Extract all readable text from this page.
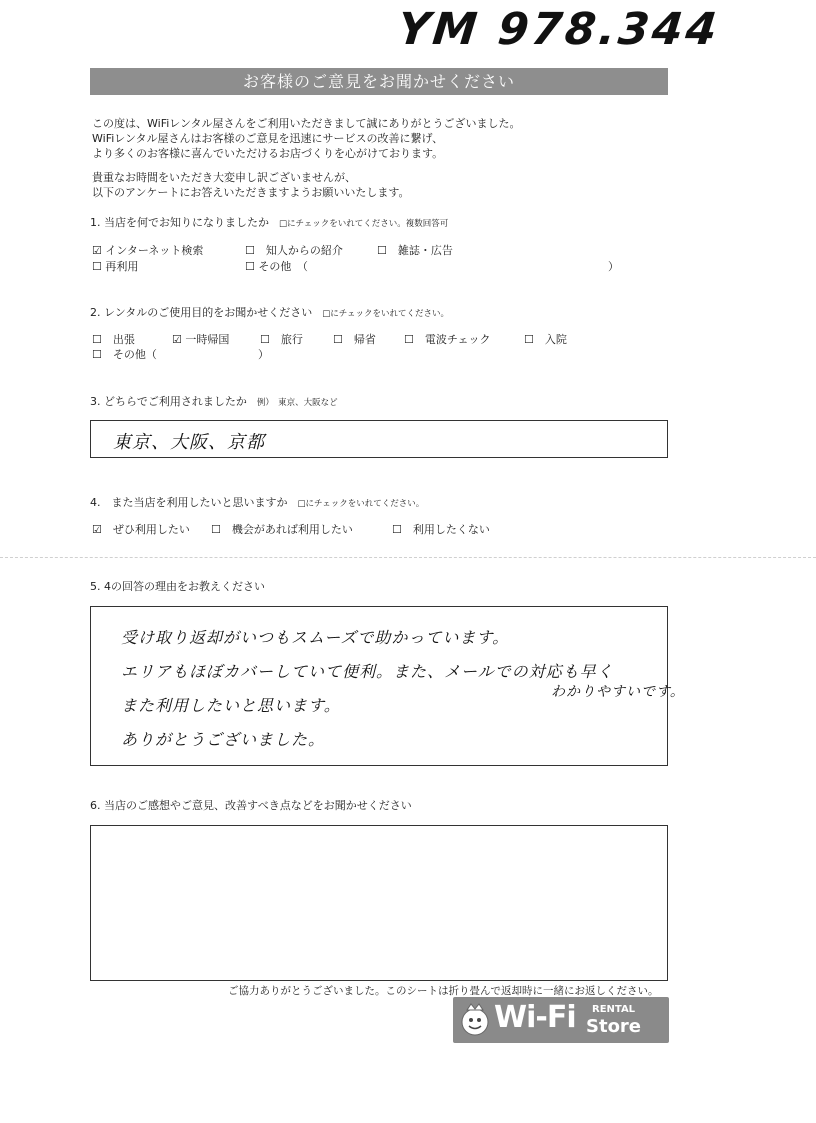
YM 978.344
お客様のご意見をお聞かせください
この度は、WiFiレンタル屋さんをご利用いただきまして誠にありがとうございました。
WiFiレンタル屋さんはお客様のご意見を迅速にサービスの改善に繋げ、
より多くのお客様に喜んでいただけるお店づくりを心がけております。
貴重なお時間をいただき大変申し訳ございませんが、
以下のアンケートにお答えいただきますようお願いいたします。
1. 当店を何でお知りになりましたか □にチェックをいれてください。複数回答可
☑ インターネット検索	☐　 知人からの紹介	☐　 雑誌・広告
☐ 再利用	☐ その他　 （	）
2. レンタルのご使用目的をお聞かせください □にチェックをいれてください。
☐　 出張	☑ 一時帰国	☐　 旅行	☐　 帰省	☐　 電波チェック	☐　 入院
☐　 その他（	）
3. どちらでご利用されましたか 例）　東京、大阪など
東京、大阪、京都
4.　また当店を利用したいと思いますか □にチェックをいれてください。
☑　 ぜひ利用したい ☐　 機会があれば利用したい	☐　 利用したくない
5. 4の回答の理由をお教えください
受け取り返却がいつもスムーズで助かっています。
エリアもほぼカバーしていて便利。また、メールでの対応も早く
わかりやすいです。
また利用したいと思います。
ありがとうございました。
6. 当店のご感想やご意見、改善すべき点などをお聞かせください
ご協力ありがとうございました。このシートは折り畳んで返却時に一緒にお返しください。
Wi-Fi RENTAL
Store
